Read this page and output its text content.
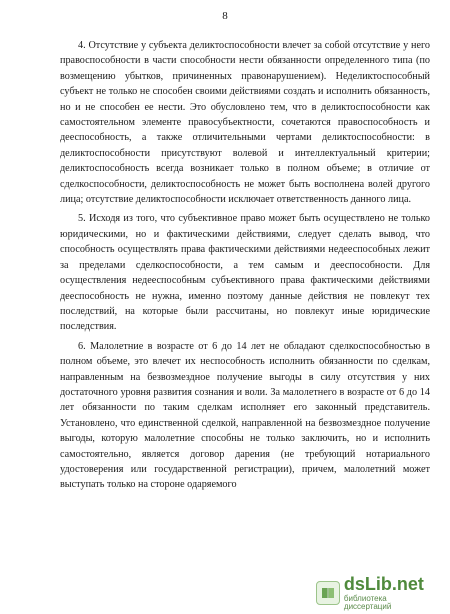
8

4. Отсутствие у субъекта деликтоспособности влечет за собой отсутствие у него правоспособности в части способности нести обязанности определенного типа (по возмещению убытков, причиненных правонарушением). Неделиктоспособный субъект не только не способен своими действиями создать и исполнить обязанность, но и не способен ее нести. Это обусловлено тем, что в деликтоспособности как самостоятельном элементе правосубъектности, сочетаются правоспособность и дееспособность, а также отличительными чертами деликтоспособности: в деликтоспособности присутствуют волевой и интеллектуальный критерии; деликтоспособность всегда возникает только в полном объеме; в отличие от сделкоспособности, деликтоспособность не может быть восполнена волей другого лица; отсутствие деликтоспособности исключает ответственность данного лица.

5. Исходя из того, что субъективное право может быть осуществлено не только юридическими, но и фактическими действиями, следует сделать вывод, что способность осуществлять права фактическими действиями недееспособных лежит за пределами сделкоспособности, а тем самым и дееспособности. Для осуществления недееспособным субъективного права фактическими действиями дееспособность не нужна, именно поэтому данные действия не повлекут тех последствий, на которые были рассчитаны, но повлекут иные юридические последствия.

6. Малолетние в возрасте от 6 до 14 лет не обладают сделкоспособностью в полном объеме, это влечет их неспособность исполнить обязанности по сделкам, направленным на безвозмездное получение выгоды в силу отсутствия у них достаточного уровня развития сознания и воли. За малолетнего в возрасте от 6 до 14 лет обязанности по таким сделкам исполняет его законный представитель. Установлено, что единственной сделкой, направленной на безвозмездное получение выгоды, которую малолетние способны не только заключить, но и исполнить самостоятельно, является договор дарения (не требующий нотариального удостоверения или государственной регистрации), причем, малолетний может выступать только на стороне одаряемого

dsLib.net
библиотека диссертаций
